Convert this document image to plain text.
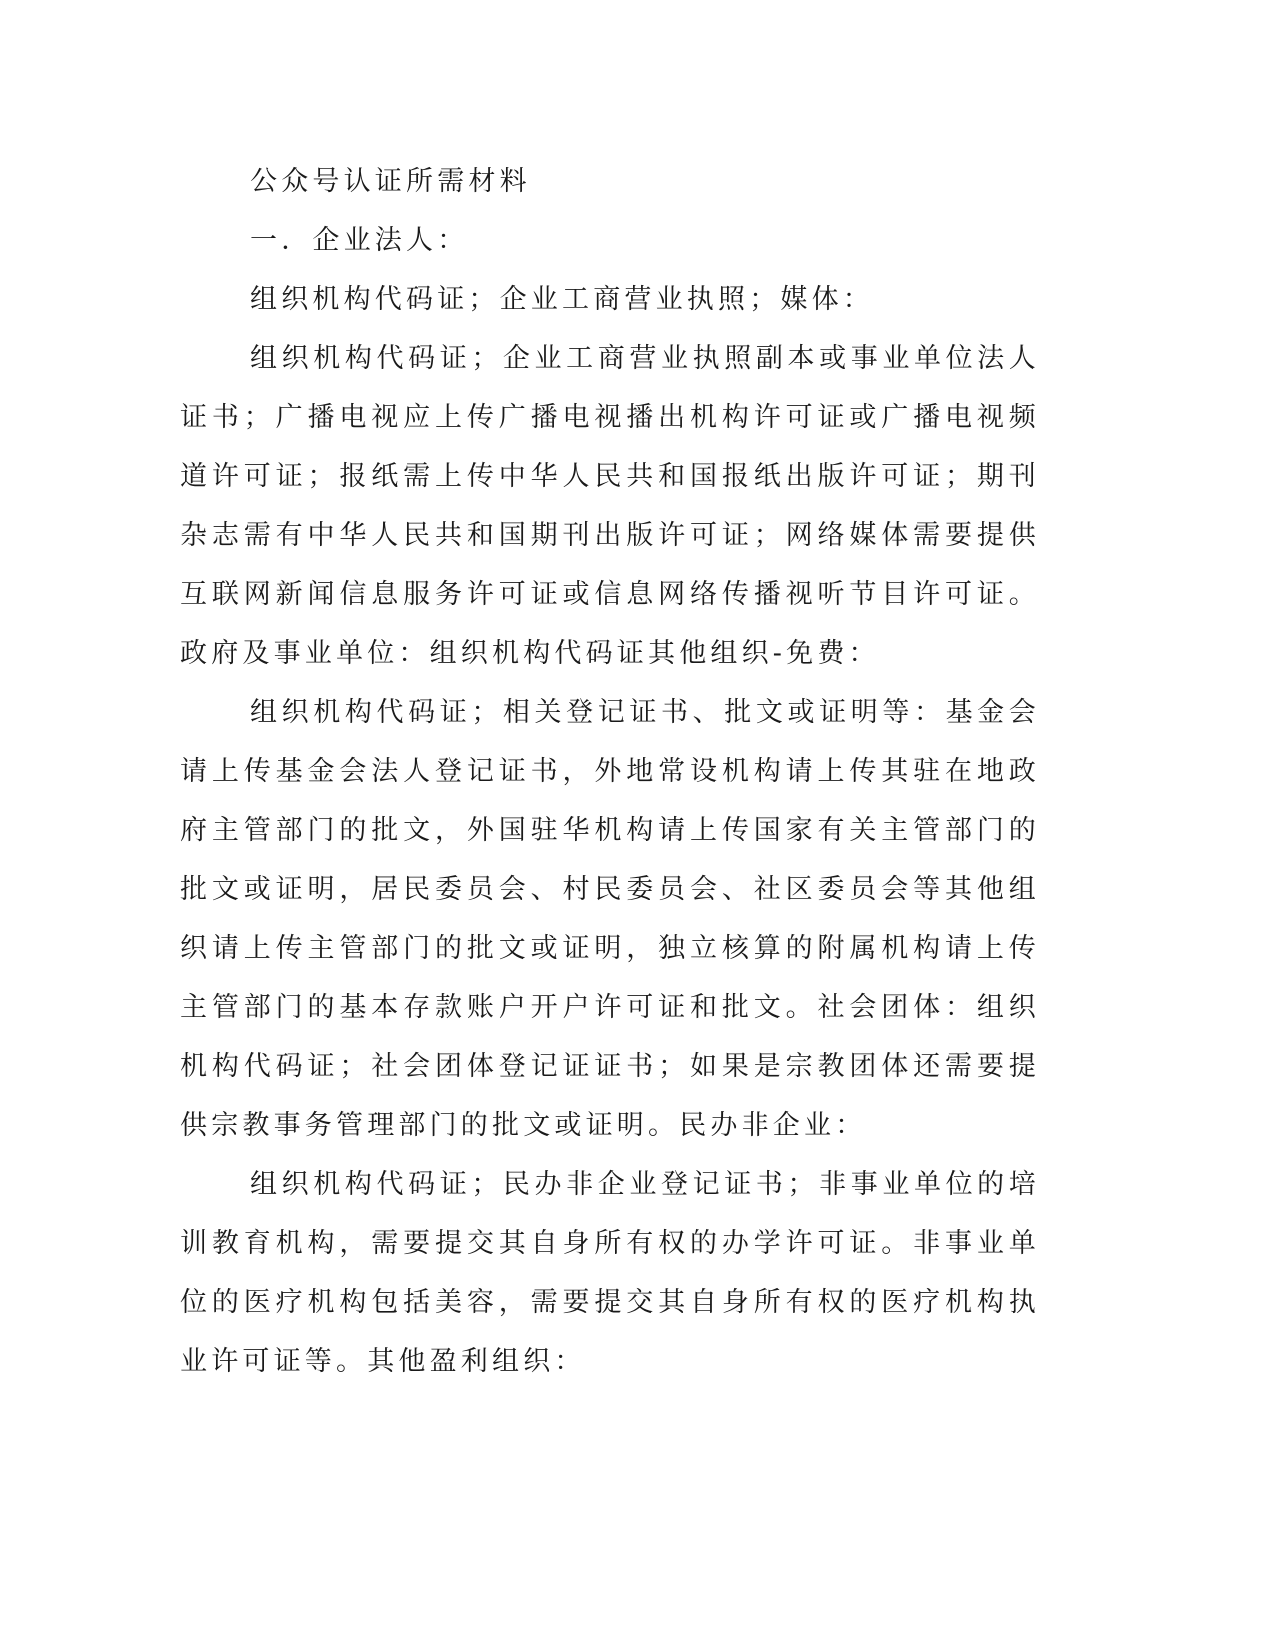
公众号认证所需材料

一．企业法人：

组织机构代码证；企业工商营业执照；媒体：

组织机构代码证；企业工商营业执照副本或事业单位法人证书；广播电视应上传广播电视播出机构许可证或广播电视频道许可证；报纸需上传中华人民共和国报纸出版许可证；期刊杂志需有中华人民共和国期刊出版许可证；网络媒体需要提供互联网新闻信息服务许可证或信息网络传播视听节目许可证。政府及事业单位：组织机构代码证其他组织-免费：

组织机构代码证；相关登记证书、批文或证明等：基金会请上传基金会法人登记证书，外地常设机构请上传其驻在地政府主管部门的批文，外国驻华机构请上传国家有关主管部门的批文或证明，居民委员会、村民委员会、社区委员会等其他组织请上传主管部门的批文或证明，独立核算的附属机构请上传主管部门的基本存款账户开户许可证和批文。社会团体：组织机构代码证；社会团体登记证证书；如果是宗教团体还需要提供宗教事务管理部门的批文或证明。民办非企业：

组织机构代码证；民办非企业登记证书；非事业单位的培训教育机构，需要提交其自身所有权的办学许可证。非事业单位的医疗机构包括美容，需要提交其自身所有权的医疗机构执业许可证等。其他盈利组织：
